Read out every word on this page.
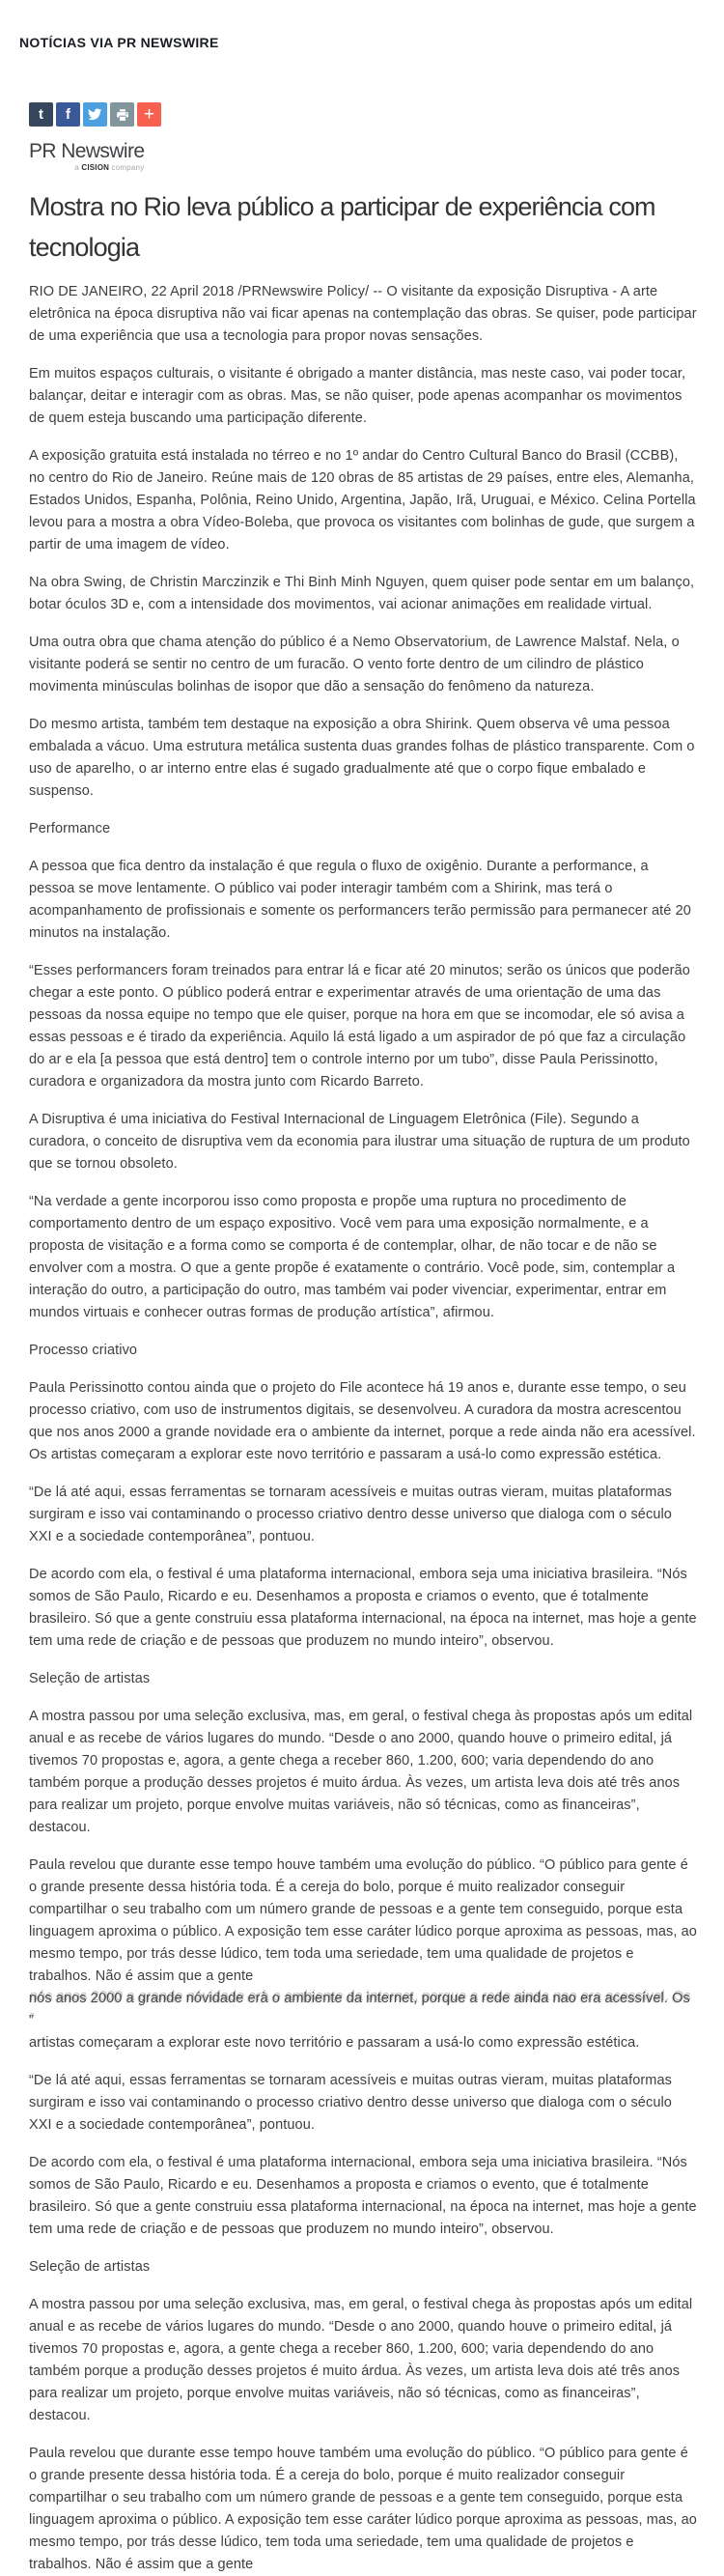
NOTÍCIAS VIA PR NEWSWIRE
t f	+
PR Newswire
a CISION company
Mostra no Rio leva público a participar de experiência com tecnologia

RIO DE JANEIRO, 22 April 2018 /PRNewswire Policy/ -- O visitante da exposição Disruptiva - A arte eletrônica na época disruptiva não vai ficar apenas na contemplação das obras. Se quiser, pode participar de uma experiência que usa a tecnologia para propor novas sensações.

Em muitos espaços culturais, o visitante é obrigado a manter distância, mas neste caso, vai poder tocar, balançar, deitar e interagir com as obras. Mas, se não quiser, pode apenas acompanhar os movimentos de quem esteja buscando uma participação diferente.

A exposição gratuita está instalada no térreo e no 1º andar do Centro Cultural Banco do Brasil (CCBB), no centro do Rio de Janeiro. Reúne mais de 120 obras de 85 artistas de 29 países, entre eles, Alemanha, Estados Unidos, Espanha, Polônia, Reino Unido, Argentina, Japão, Irã, Uruguai, e México. Celina Portella levou para a mostra a obra Vídeo-Boleba, que provoca os visitantes com bolinhas de gude, que surgem a partir de uma imagem de vídeo.

Na obra Swing, de Christin Marczinzik e Thi Binh Minh Nguyen, quem quiser pode sentar em um balanço, botar óculos 3D e, com a intensidade dos movimentos, vai acionar animações em realidade virtual.

Uma outra obra que chama atenção do público é a Nemo Observatorium, de Lawrence Malstaf. Nela, o visitante poderá se sentir no centro de um furacão. O vento forte dentro de um cilindro de plástico movimenta minúsculas bolinhas de isopor que dão a sensação do fenômeno da natureza.

Do mesmo artista, também tem destaque na exposição a obra Shirink. Quem observa vê uma pessoa embalada a vácuo. Uma estrutura metálica sustenta duas grandes folhas de plástico transparente. Com o uso de aparelho, o ar interno entre elas é sugado gradualmente até que o corpo fique embalado e suspenso.

Performance

A pessoa que fica dentro da instalação é que regula o fluxo de oxigênio. Durante a performance, a pessoa se move lentamente. O público vai poder interagir também com a Shirink, mas terá o acompanhamento de profissionais e somente os performancers terão permissão para permanecer até 20 minutos na instalação.

“Esses performancers foram treinados para entrar lá e ficar até 20 minutos; serão os únicos que poderão chegar a este ponto. O público poderá entrar e experimentar através de uma orientação de uma das pessoas da nossa equipe no tempo que ele quiser, porque na hora em que se incomodar, ele só avisa a essas pessoas e é tirado da experiência. Aquilo lá está ligado a um aspirador de pó que faz a circulação do ar e ela [a pessoa que está dentro] tem o controle interno por um tubo”, disse Paula Perissinotto, curadora e organizadora da mostra junto com Ricardo Barreto.

A Disruptiva é uma iniciativa do Festival Internacional de Linguagem Eletrônica (File). Segundo a curadora, o conceito de disruptiva vem da economia para ilustrar uma situação de ruptura de um produto que se tornou obsoleto.

“Na verdade a gente incorporou isso como proposta e propõe uma ruptura no procedimento de comportamento dentro de um espaço expositivo. Você vem para uma exposição normalmente, e a proposta de visitação e a forma como se comporta é de contemplar, olhar, de não tocar e de não se envolver com a mostra. O que a gente propõe é exatamente o contrário. Você pode, sim, contemplar a interação do outro, a participação do outro, mas também vai poder vivenciar, experimentar, entrar em mundos virtuais e conhecer outras formas de produção artística”, afirmou.

Processo criativo

Paula Perissinotto contou ainda que o projeto do File acontece há 19 anos e, durante esse tempo, o seu processo criativo, com uso de instrumentos digitais, se desenvolveu. A curadora da mostra acrescentou que nos anos 2000 a grande novidade era o ambiente da internet, porque a rede ainda não era acessível. Os artistas começaram a explorar este novo território e passaram a usá-lo como expressão estética.

“De lá até aqui, essas ferramentas se tornaram acessíveis e muitas outras vieram, muitas plataformas surgiram e isso vai contaminando o processo criativo dentro desse universo que dialoga com o século XXI e a sociedade contemporânea”, pontuou.

De acordo com ela, o festival é uma plataforma internacional, embora seja uma iniciativa brasileira. “Nós somos de São Paulo, Ricardo e eu. Desenhamos a proposta e criamos o evento, que é totalmente brasileiro. Só que a gente construiu essa plataforma internacional, na época na internet, mas hoje a gente tem uma rede de criação e de pessoas que produzem no mundo inteiro”, observou.

Seleção de artistas

A mostra passou por uma seleção exclusiva, mas, em geral, o festival chega às propostas após um edital anual e as recebe de vários lugares do mundo. “Desde o ano 2000, quando houve o primeiro edital, já tivemos 70 propostas e, agora, a gente chega a receber 860, 1.200, 600; varia dependendo do ano também porque a produção desses projetos é muito árdua. Às vezes, um artista leva dois até três anos para realizar um projeto, porque envolve muitas variáveis, não só técnicas, como as financeiras”, destacou.

Paula revelou que durante esse tempo houve também uma evolução do público. “O público para gente é o grande presente dessa história toda. É a cereja do bolo, porque é muito realizador conseguir compartilhar o seu trabalho com um número grande de pessoas e a gente tem conseguido, porque esta linguagem aproxima o público. A exposição tem esse caráter lúdico porque aproxima as pessoas, mas, ao mesmo tempo, por trás desse lúdico, tem toda uma seriedade, tem uma qualidade de projetos e trabalhos. Não é assim que a gente

nós anos 2000 a grande nóvidade erà o ambiente da internet, porque a rede ainda nao era acessível. Os ”

artistas começaram a explorar este novo território e passaram a usá-lo como expressão estética.

“De lá até aqui, essas ferramentas se tornaram acessíveis e muitas outras vieram, muitas plataformas surgiram e isso vai contaminando o processo criativo dentro desse universo que dialoga com o século XXI e a sociedade contemporânea”, pontuou.

De acordo com ela, o festival é uma plataforma internacional, embora seja uma iniciativa brasileira. “Nós somos de São Paulo, Ricardo e eu. Desenhamos a proposta e criamos o evento, que é totalmente brasileiro. Só que a gente construiu essa plataforma internacional, na época na internet, mas hoje a gente tem uma rede de criação e de pessoas que produzem no mundo inteiro”, observou.

Seleção de artistas

A mostra passou por uma seleção exclusiva, mas, em geral, o festival chega às propostas após um edital anual e as recebe de vários lugares do mundo. “Desde o ano 2000, quando houve o primeiro edital, já tivemos 70 propostas e, agora, a gente chega a receber 860, 1.200, 600; varia dependendo do ano também porque a produção desses projetos é muito árdua. Às vezes, um artista leva dois até três anos para realizar um projeto, porque envolve muitas variáveis, não só técnicas, como as financeiras”, destacou.

Paula revelou que durante esse tempo houve também uma evolução do público. “O público para gente é o grande presente dessa história toda. É a cereja do bolo, porque é muito realizador conseguir compartilhar o seu trabalho com um número grande de pessoas e a gente tem conseguido, porque esta linguagem aproxima o público. A exposição tem esse caráter lúdico porque aproxima as pessoas, mas, ao mesmo tempo, por trás desse lúdico, tem toda uma seriedade, tem uma qualidade de projetos e trabalhos. Não é assim que a gente
